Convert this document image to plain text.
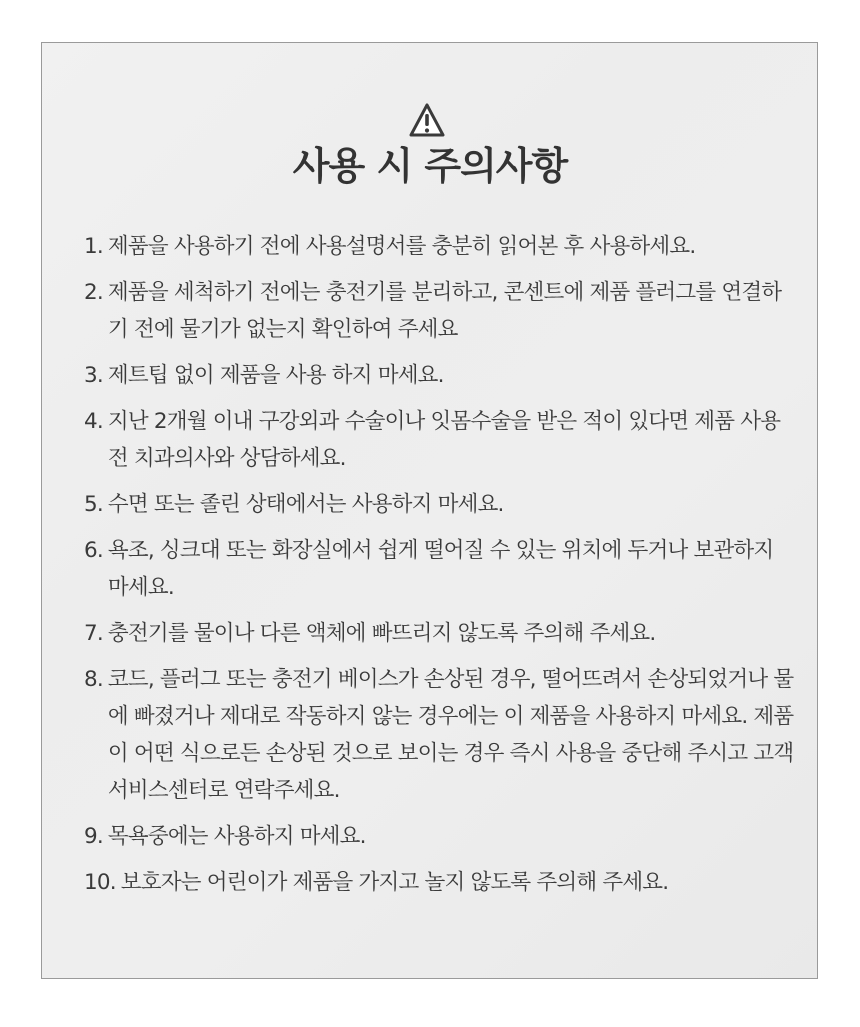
사용 시 주의사항
1. 제품을 사용하기 전에 사용설명서를 충분히 읽어본 후 사용하세요.
2. 제품을 세척하기 전에는 충전기를 분리하고, 콘센트에 제품 플러그를 연결하기 전에 물기가 없는지 확인하여 주세요
3. 제트팁 없이 제품을 사용 하지 마세요.
4. 지난 2개월 이내 구강외과 수술이나 잇몸수술을 받은 적이 있다면 제품 사용전 치과의사와 상담하세요.
5. 수면 또는 졸린 상태에서는 사용하지 마세요.
6. 욕조, 싱크대 또는 화장실에서 쉽게 떨어질 수 있는 위치에 두거나 보관하지 마세요.
7. 충전기를 물이나 다른 액체에 빠뜨리지 않도록 주의해 주세요.
8. 코드, 플러그 또는 충전기 베이스가 손상된 경우, 떨어뜨려서 손상되었거나 물에 빠졌거나 제대로 작동하지 않는 경우에는 이 제품을 사용하지 마세요. 제품이 어떤 식으로든 손상된 것으로 보이는 경우 즉시 사용을 중단해 주시고 고객서비스센터로 연락주세요.
9. 목욕중에는 사용하지 마세요.
10. 보호자는 어린이가 제품을 가지고 놀지 않도록 주의해 주세요.
